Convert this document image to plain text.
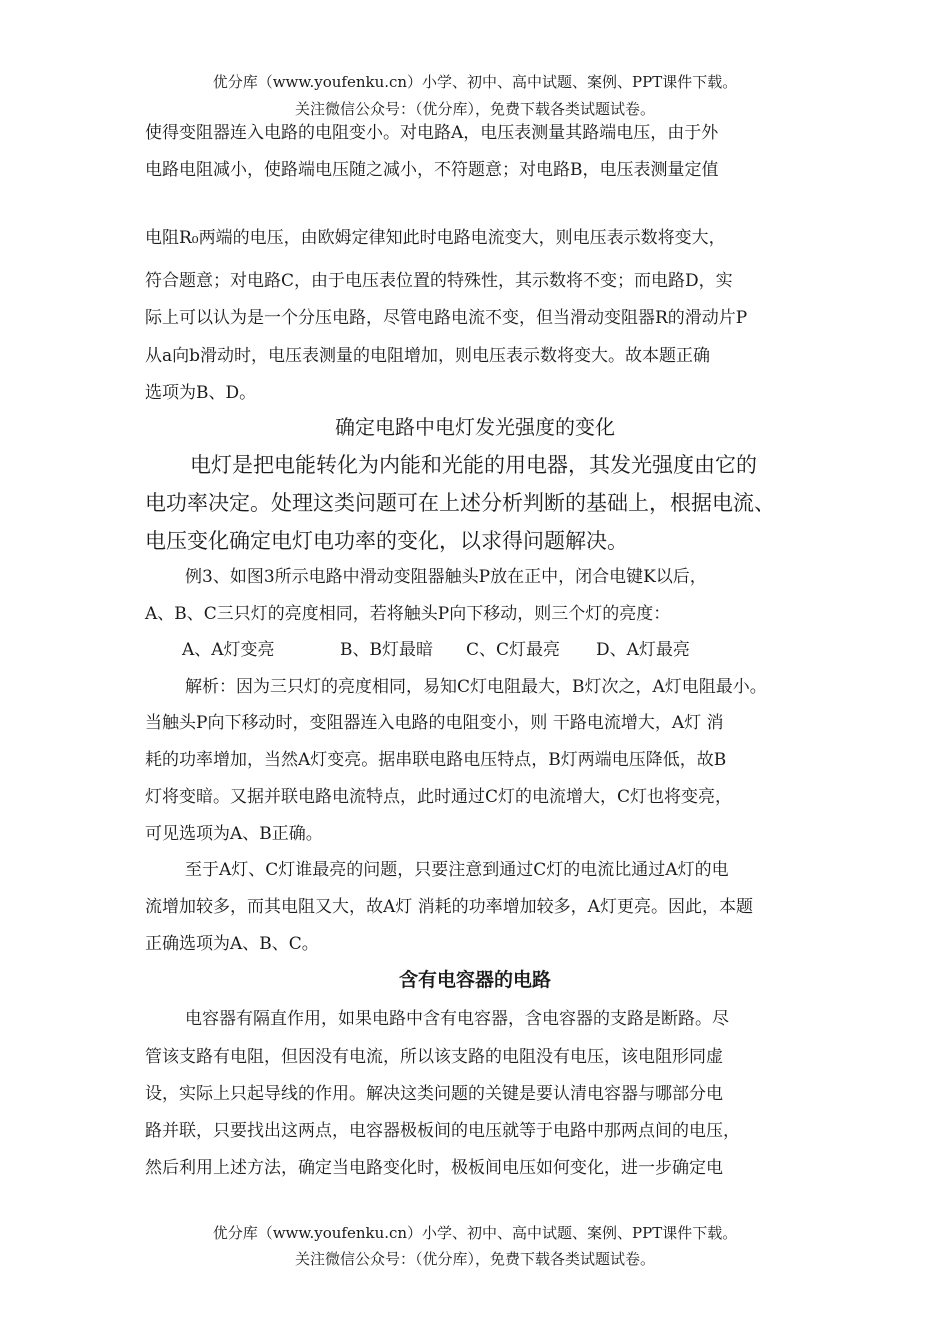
优分库（www.youfenku.cn）小学、初中、高中试题、案例、PPT课件下载。
关注微信公众号：（优分库），免费下载各类试题试卷。
使得变阻器连入电路的电阻变小。对电路A，电压表测量其路端电压，由于外
电路电阻减小，使路端电压随之减小，不符题意；对电路B，电压表测量定值
电阻R₀两端的电压，由欧姆定律知此时电路电流变大，则电压表示数将变大，
符合题意；对电路C，由于电压表位置的特殊性，其示数将不变；而电路D，实
际上可以认为是一个分压电路，尽管电路电流不变，但当滑动变阻器R的滑动片P
从a向b滑动时，电压表测量的电阻增加，则电压表示数将变大。故本题正确
选项为B、D。
确定电路中电灯发光强度的变化
电灯是把电能转化为内能和光能的用电器，其发光强度由它的
电功率决定。处理这类问题可在上述分析判断的基础上，根据电流、
电压变化确定电灯电功率的变化，以求得问题解决。
例3、如图3所示电路中滑动变阻器触头P放在正中，闭合电键K以后，
A、B、C三只灯的亮度相同，若将触头P向下移动，则三个灯的亮度：
A、A灯变亮	B、B灯最暗 C、C灯最亮 D、A灯最亮
解析：因为三只灯的亮度相同，易知C灯电阻最大，B灯次之，A灯电阻最小。
当触头P向下移动时，变阻器连入电路的电阻变小，则 干路电流增大，A灯 消
耗的功率增加，当然A灯变亮。据串联电路电压特点，B灯两端电压降低，故B
灯将变暗。又据并联电路电流特点，此时通过C灯的电流增大，C灯也将变亮，
可见选项为A、B正确。
至于A灯、C灯谁最亮的问题，只要注意到通过C灯的电流比通过A灯的电
流增加较多，而其电阻又大，故A灯 消耗的功率增加较多，A灯更亮。因此，本题
正确选项为A、B、C。
含有电容器的电路
电容器有隔直作用，如果电路中含有电容器，含电容器的支路是断路。尽
管该支路有电阻，但因没有电流，所以该支路的电阻没有电压，该电阻形同虚
设，实际上只起导线的作用。解决这类问题的关键是要认清电容器与哪部分电
路并联，只要找出这两点，电容器极板间的电压就等于电路中那两点间的电压，
然后利用上述方法，确定当电路变化时，极板间电压如何变化，进一步确定电
优分库（www.youfenku.cn）小学、初中、高中试题、案例、PPT课件下载。
关注微信公众号：（优分库），免费下载各类试题试卷。
